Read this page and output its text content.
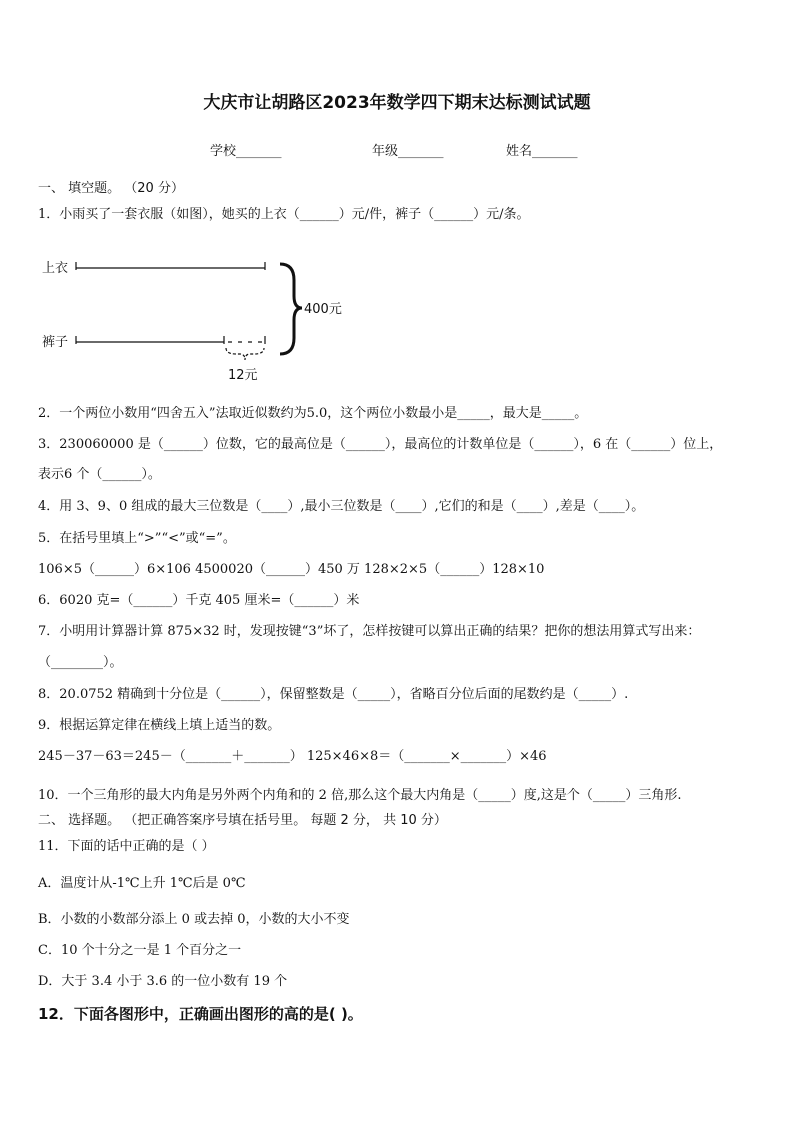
大庆市让胡路区2023年数学四下期末达标测试试题
学校_______	年级_______	姓名_______
一、 填空题。 （20 分）
1．小雨买了一套衣服（如图），她买的上衣（______）元/件，裤子（______）元/条。
上衣
裤子
12元
400元
2．一个两位小数用“四舍五入”法取近似数约为5.0，这个两位小数最小是_____，最大是_____。
3．230060000 是（______）位数，它的最高位是（______），最高位的计数单位是（______），6 在（______）位上，
表示6 个（______）。
4．用 3、9、0 组成的最大三位数是（____）,最小三位数是（____）,它们的和是（____）,差是（____）。
5．在括号里填上“>”“<”或“=”。
106×5（______）6×106 4500020（______）450 万 128×2×5（______）128×10
6．6020 克=（______）千克 405 厘米=（______）米
7．小明用计算器计算 875×32 时，发现按键“3”坏了，怎样按键可以算出正确的结果？把你的想法用算式写出来：
（________）。
8．20.0752 精确到十分位是（______），保留整数是（_____），省略百分位后面的尾数约是（_____）.
9．根据运算定律在横线上填上适当的数。
245－37－63＝245－（_______＋_______） 125×46×8＝（_______×_______）×46
10．一个三角形的最大内角是另外两个内角和的 2 倍,那么这个最大内角是（_____）度,这是个（_____）三角形.
二、 选择题。 （把正确答案序号填在括号里。 每题 2 分， 共 10 分）
11．下面的话中正确的是（ ）
A．温度计从-1℃上升 1℃后是 0℃
B．小数的小数部分添上 0 或去掉 0，小数的大小不变
C．10 个十分之一是 1 个百分之一
D．大于 3.4 小于 3.6 的一位小数有 19 个
12．下面各图形中，正确画出图形的高的是( )。
